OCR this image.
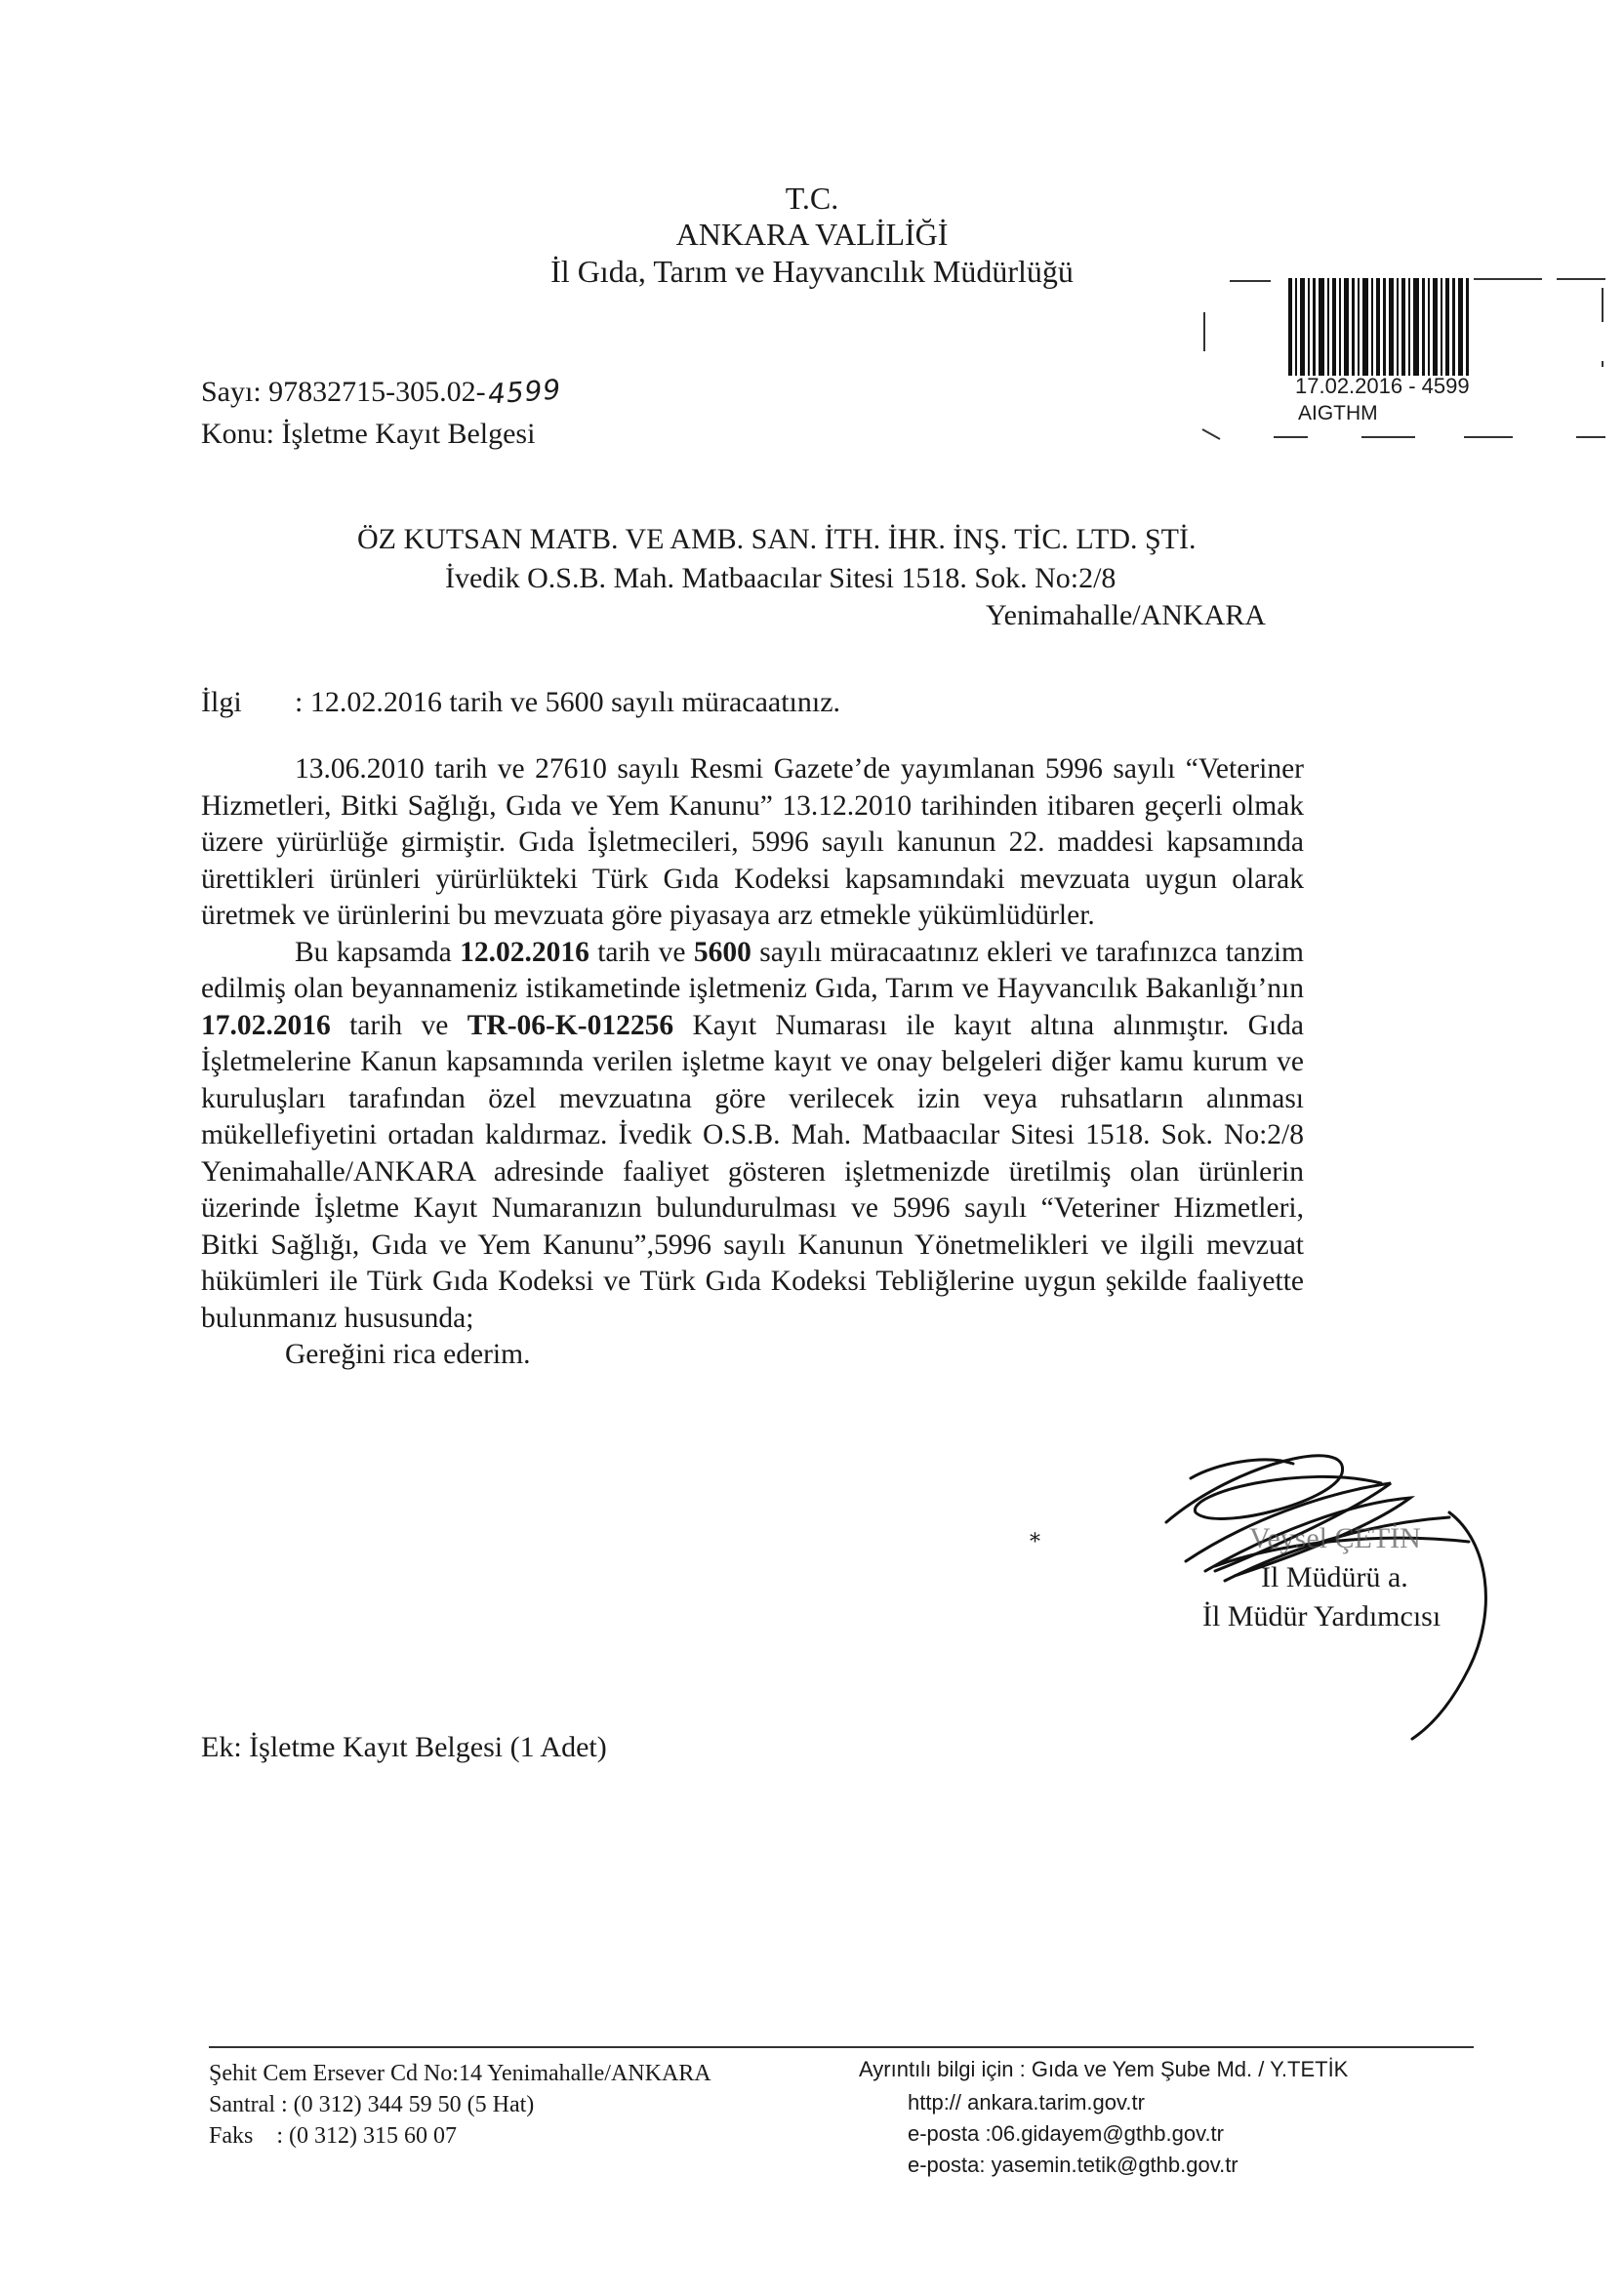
T.C.
ANKARA VALİLİĞİ
İl Gıda, Tarım ve Hayvancılık Müdürlüğü
17.02.2016 - 4599
AIGTHM
Sayı: 97832715-305.02-4599
Konu: İşletme Kayıt Belgesi
ÖZ KUTSAN MATB. VE AMB. SAN. İTH. İHR. İNŞ. TİC. LTD. ŞTİ.
İvedik O.S.B. Mah. Matbaacılar Sitesi 1518. Sok. No:2/8
Yenimahalle/ANKARA
İlgi : 12.02.2016 tarih ve 5600 sayılı müracaatınız.

13.06.2010 tarih ve 27610 sayılı Resmi Gazete’de yayımlanan 5996 sayılı “Veteriner Hizmetleri, Bitki Sağlığı, Gıda ve Yem Kanunu” 13.12.2010 tarihinden itibaren geçerli olmak üzere yürürlüğe girmiştir. Gıda İşletmecileri, 5996 sayılı kanunun 22. maddesi kapsamında ürettikleri ürünleri yürürlükteki Türk Gıda Kodeksi kapsamındaki mevzuata uygun olarak üretmek ve ürünlerini bu mevzuata göre piyasaya arz etmekle yükümlüdürler.

Bu kapsamda 12.02.2016 tarih ve 5600 sayılı müracaatınız ekleri ve tarafınızca tanzim edilmiş olan beyannameniz istikametinde işletmeniz Gıda, Tarım ve Hayvancılık Bakanlığı’nın 17.02.2016 tarih ve TR-06-K-012256 Kayıt Numarası ile kayıt altına alınmıştır. Gıda İşletmelerine Kanun kapsamında verilen işletme kayıt ve onay belgeleri diğer kamu kurum ve kuruluşları tarafından özel mevzuatına göre verilecek izin veya ruhsatların alınması mükellefiyetini ortadan kaldırmaz. İvedik O.S.B. Mah. Matbaacılar Sitesi 1518. Sok. No:2/8 Yenimahalle/ANKARA adresinde faaliyet gösteren işletmenizde üretilmiş olan ürünlerin üzerinde İşletme Kayıt Numaranızın bulundurulması ve 5996 sayılı “Veteriner Hizmetleri, Bitki Sağlığı, Gıda ve Yem Kanunu”,5996 sayılı Kanunun Yönetmelikleri ve ilgili mevzuat hükümleri ile Türk Gıda Kodeksi ve Türk Gıda Kodeksi Tebliğlerine uygun şekilde faaliyette bulunmanız hususunda;

Gereğini rica ederim.

Veysel ÇETİN
İl Müdürü a.
İl Müdür Yardımcısı
⁎
Ek: İşletme Kayıt Belgesi (1 Adet)
Şehit Cem Ersever Cd No:14 Yenimahalle/ANKARA
Santral : (0 312) 344 59 50 (5 Hat)
Faks    : (0 312) 315 60 07
Ayrıntılı bilgi için : Gıda ve Yem Şube Md. / Y.TETİK
http:// ankara.tarim.gov.tr
e-posta :06.gidayem@gthb.gov.tr
e-posta: yasemin.tetik@gthb.gov.tr
